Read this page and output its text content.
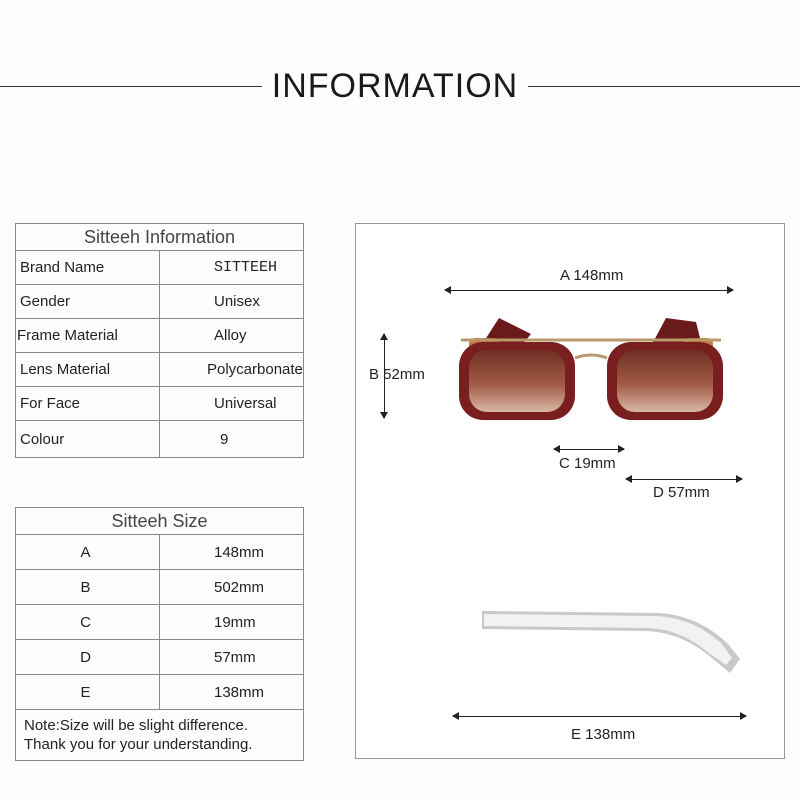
INFORMATION
Sitteeh Information	
Brand Name	SITTEEH
Gender	Unisex
Frame Material	Alloy
Lens Material	Polycarbonate
For Face	Universal
Colour	9
Sitteeh Size	
A	148mm
B	502mm
C	19mm
D	57mm
E	138mm

Note:Size will be slight difference.
Thank you for your understanding.	
A 148mm
B 52mm
C 19mm
D 57mm
E 138mm
